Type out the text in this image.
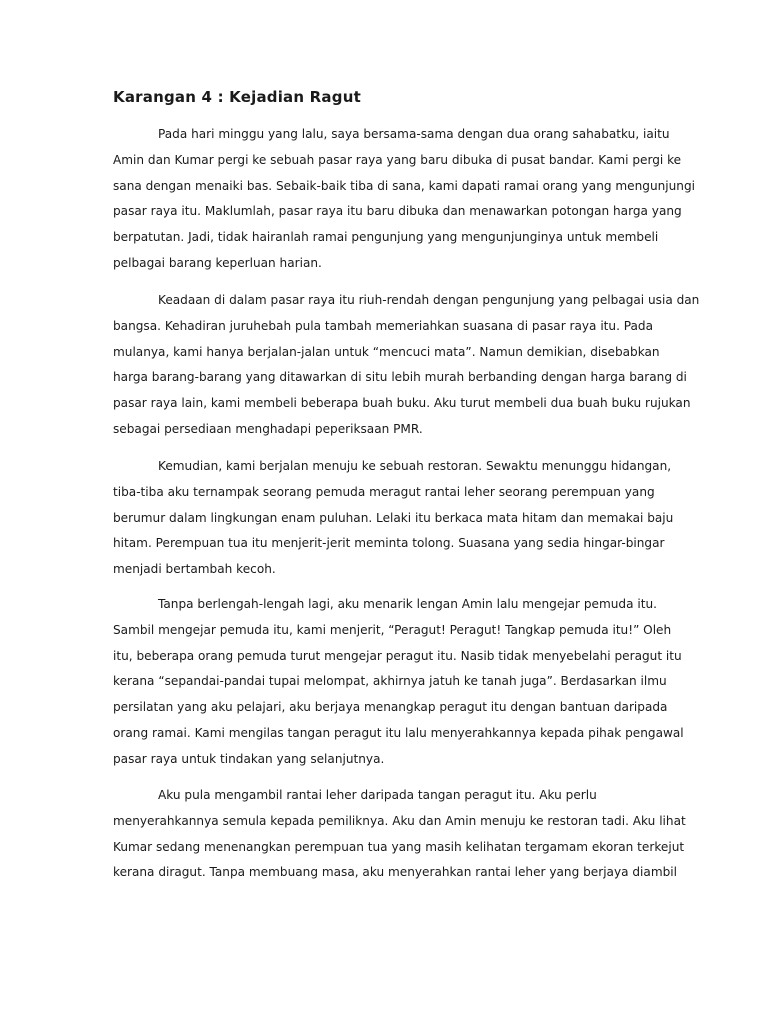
Karangan 4 : Kejadian Ragut
Pada hari minggu yang lalu, saya bersama-sama dengan dua orang sahabatku, iaitu
Amin dan Kumar pergi ke sebuah pasar raya yang baru dibuka di pusat bandar. Kami pergi ke
sana dengan menaiki bas. Sebaik-baik tiba di sana, kami dapati ramai orang yang mengunjungi
pasar raya itu. Maklumlah, pasar raya itu baru dibuka dan menawarkan potongan harga yang
berpatutan. Jadi, tidak hairanlah ramai pengunjung yang mengunjunginya untuk membeli
pelbagai barang keperluan harian.
Keadaan di dalam pasar raya itu riuh-rendah dengan pengunjung yang pelbagai usia dan
bangsa. Kehadiran juruhebah pula tambah memeriahkan suasana di pasar raya itu. Pada
mulanya, kami hanya berjalan-jalan untuk “mencuci mata”. Namun demikian, disebabkan
harga barang-barang yang ditawarkan di situ lebih murah berbanding dengan harga barang di
pasar raya lain, kami membeli beberapa buah buku. Aku turut membeli dua buah buku rujukan
sebagai persediaan menghadapi peperiksaan PMR.
Kemudian, kami berjalan menuju ke sebuah restoran. Sewaktu menunggu hidangan,
tiba-tiba aku ternampak seorang pemuda meragut rantai leher seorang perempuan yang
berumur dalam lingkungan enam puluhan. Lelaki itu berkaca mata hitam dan memakai baju
hitam. Perempuan tua itu menjerit-jerit meminta tolong. Suasana yang sedia hingar-bingar
menjadi bertambah kecoh.
Tanpa berlengah-lengah lagi, aku menarik lengan Amin lalu mengejar pemuda itu.
Sambil mengejar pemuda itu, kami menjerit, “Peragut! Peragut! Tangkap pemuda itu!” Oleh
itu, beberapa orang pemuda turut mengejar peragut itu. Nasib tidak menyebelahi peragut itu
kerana “sepandai-pandai tupai melompat, akhirnya jatuh ke tanah juga”. Berdasarkan ilmu
persilatan yang aku pelajari, aku berjaya menangkap peragut itu dengan bantuan daripada
orang ramai. Kami mengilas tangan peragut itu lalu menyerahkannya kepada pihak pengawal
pasar raya untuk tindakan yang selanjutnya.
Aku pula mengambil rantai leher daripada tangan peragut itu. Aku perlu
menyerahkannya semula kepada pemiliknya. Aku dan Amin menuju ke restoran tadi. Aku lihat
Kumar sedang menenangkan perempuan tua yang masih kelihatan tergamam ekoran terkejut
kerana diragut. Tanpa membuang masa, aku menyerahkan rantai leher yang berjaya diambil
